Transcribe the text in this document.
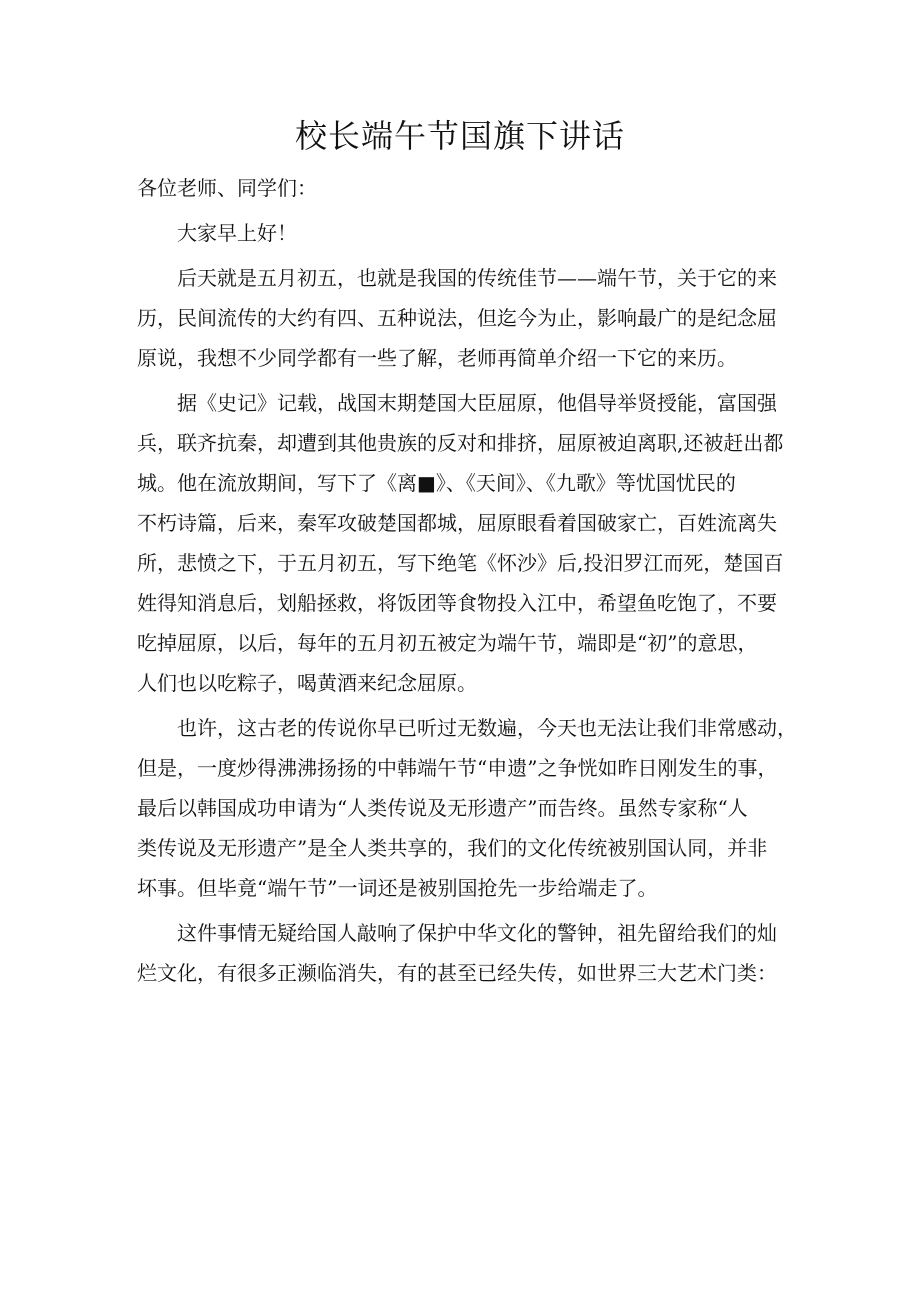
校长端午节国旗下讲话
各位老师、同学们：
大家早上好！
后天就是五月初五，也就是我国的传统佳节——端午节，关于它的来
历，民间流传的大约有四、五种说法，但迄今为止，影响最广的是纪念屈
原说，我想不少同学都有一些了解，老师再简单介绍一下它的来历。
据《史记》记载，战国末期楚国大臣屈原，他倡导举贤授能，富国强
兵，联齐抗秦，却遭到其他贵族的反对和排挤，屈原被迫离职,还被赶出都
城。他在流放期间，写下了《离■》、《天间》、《九歌》等忧国忧民的
不朽诗篇，后来，秦军攻破楚国都城，屈原眼看着国破家亡，百姓流离失
所，悲愤之下，于五月初五，写下绝笔《怀沙》后,投汨罗江而死，楚国百
姓得知消息后，划船拯救，将饭团等食物投入江中，希望鱼吃饱了，不要
吃掉屈原，以后，每年的五月初五被定为端午节，端即是“初”的意思，
人们也以吃粽子，喝黄酒来纪念屈原。
也许，这古老的传说你早已听过无数遍，今天也无法让我们非常感动，
但是，一度炒得沸沸扬扬的中韩端午节“申遗”之争恍如昨日刚发生的事，
最后以韩国成功申请为“人类传说及无形遗产”而告终。虽然专家称“人
类传说及无形遗产”是全人类共享的，我们的文化传统被别国认同，并非
坏事。但毕竟“端午节”一词还是被别国抢先一步给端走了。
这件事情无疑给国人敲响了保护中华文化的警钟，祖先留给我们的灿
烂文化，有很多正濒临消失，有的甚至已经失传，如世界三大艺术门类：
